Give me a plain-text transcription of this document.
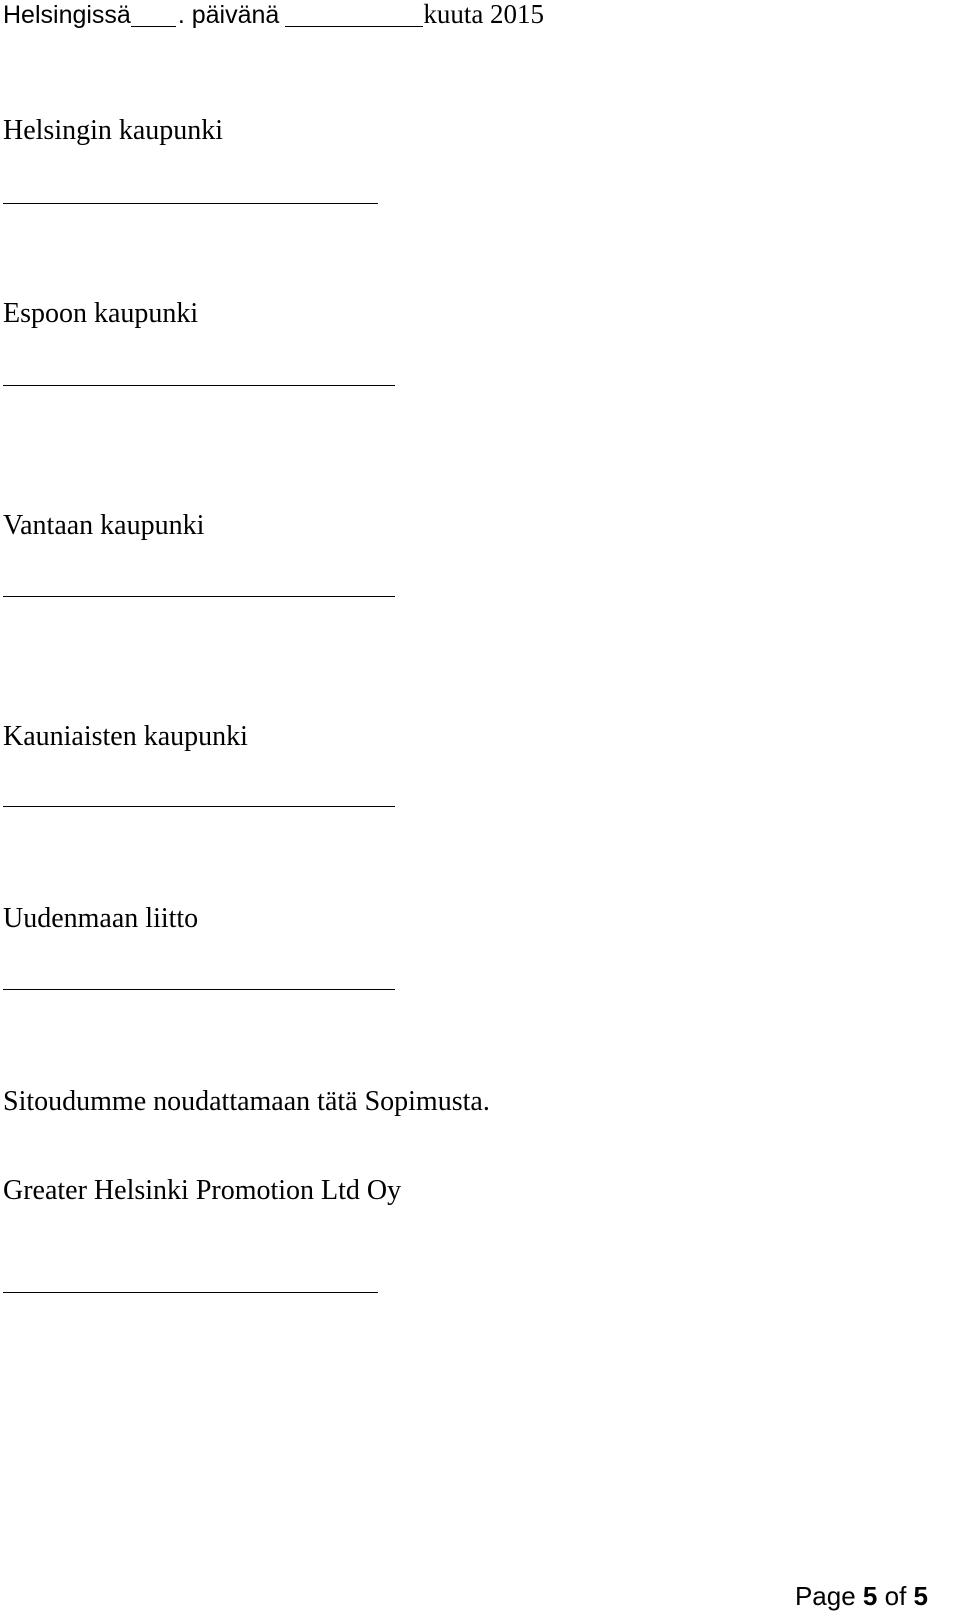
Helsingissä . päivänä	kuuta 2015
Helsingin kaupunki
Espoon kaupunki
Vantaan kaupunki
Kauniaisten kaupunki
Uudenmaan liitto
Sitoudumme noudattamaan tätä Sopimusta.
Greater Helsinki Promotion Ltd Oy
Page 5 of 5
